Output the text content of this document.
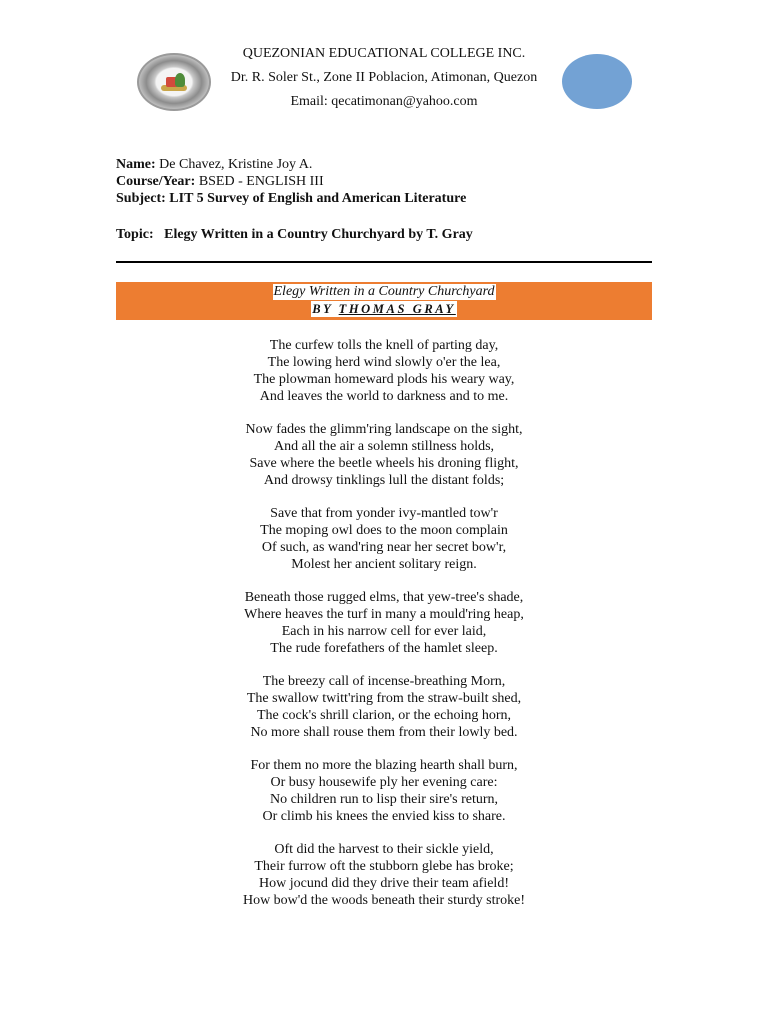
QUEZONIAN EDUCATIONAL COLLEGE INC.
Dr. R. Soler St., Zone II Poblacion, Atimonan, Quezon
Email: qecatimonan@yahoo.com
Name: De Chavez, Kristine Joy A.
Course/Year: BSED - ENGLISH III
Subject: LIT 5 Survey of English and American Literature
Topic:   Elegy Written in a Country Churchyard by T. Gray
Elegy Written in a Country Churchyard
BY THOMAS GRAY
The curfew tolls the knell of parting day,
The lowing herd wind slowly o'er the lea,
The plowman homeward plods his weary way,
And leaves the world to darkness and to me.
Now fades the glimm'ring landscape on the sight,
And all the air a solemn stillness holds,
Save where the beetle wheels his droning flight,
And drowsy tinklings lull the distant folds;
Save that from yonder ivy-mantled tow'r
The moping owl does to the moon complain
Of such, as wand'ring near her secret bow'r,
Molest her ancient solitary reign.
Beneath those rugged elms, that yew-tree's shade,
Where heaves the turf in many a mould'ring heap,
Each in his narrow cell for ever laid,
The rude forefathers of the hamlet sleep.
The breezy call of incense-breathing Morn,
The swallow twitt'ring from the straw-built shed,
The cock's shrill clarion, or the echoing horn,
No more shall rouse them from their lowly bed.
For them no more the blazing hearth shall burn,
Or busy housewife ply her evening care:
No children run to lisp their sire's return,
Or climb his knees the envied kiss to share.
Oft did the harvest to their sickle yield,
Their furrow oft the stubborn glebe has broke;
How jocund did they drive their team afield!
How bow'd the woods beneath their sturdy stroke!
